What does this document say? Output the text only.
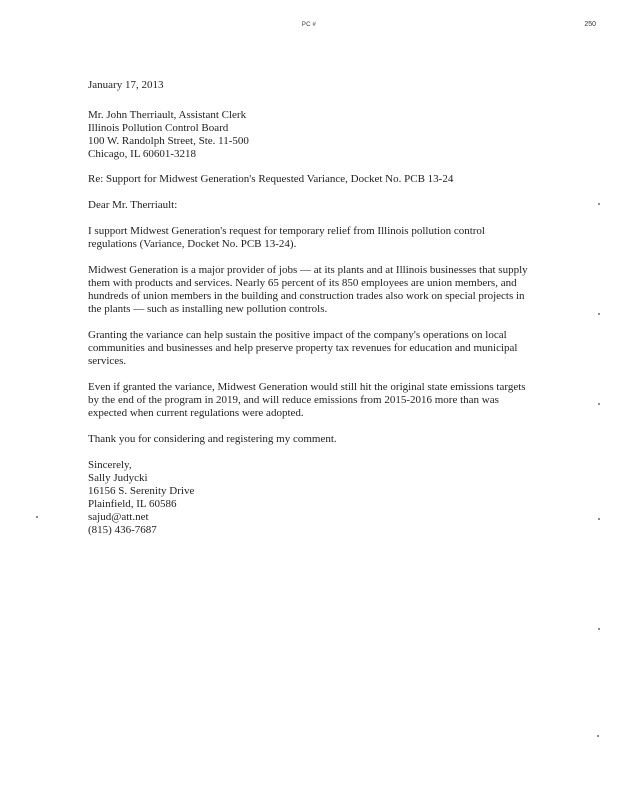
PC #	250
January 17, 2013
Mr. John Therriault, Assistant Clerk
Illinois Pollution Control Board
100 W. Randolph Street, Ste. 11-500
Chicago, IL 60601-3218

Re: Support for Midwest Generation's Requested Variance, Docket No. PCB 13-24

Dear Mr. Therriault:

I support Midwest Generation's request for temporary relief from Illinois pollution control regulations (Variance, Docket No. PCB 13-24).

Midwest Generation is a major provider of jobs — at its plants and at Illinois businesses that supply them with products and services. Nearly 65 percent of its 850 employees are union members, and hundreds of union members in the building and construction trades also work on special projects in the plants — such as installing new pollution controls.

Granting the variance can help sustain the positive impact of the company's operations on local communities and businesses and help preserve property tax revenues for education and municipal services.

Even if granted the variance, Midwest Generation would still hit the original state emissions targets by the end of the program in 2019, and will reduce emissions from 2015-2016 more than was expected when current regulations were adopted.

Thank you for considering and registering my comment.

Sincerely,
Sally Judycki
16156 S. Serenity Drive
Plainfield, IL 60586
sajud@att.net
(815) 436-7687
